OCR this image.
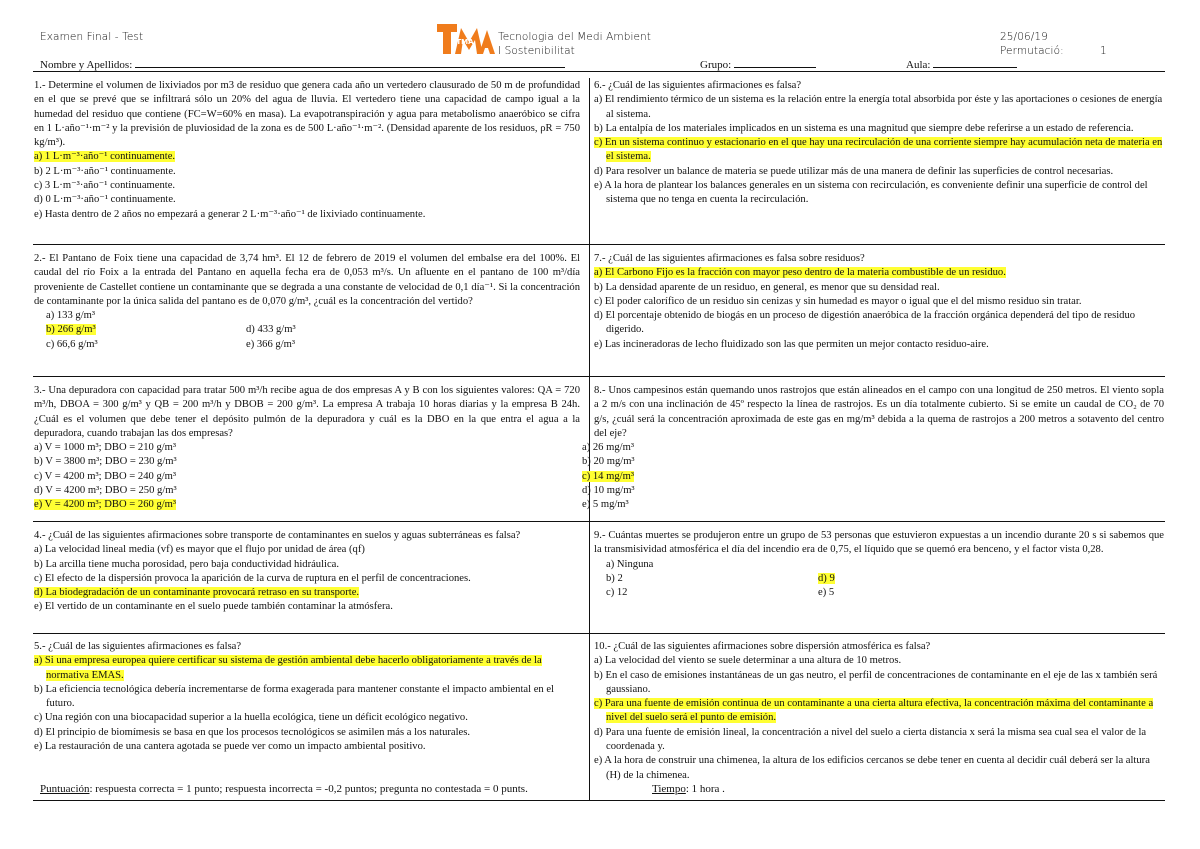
Examen Final - Test	TMA Tecnologia del Medi Ambient
I Sostenibilitat
25/06/19
Permutació:	1
Nombre y Apellidos:	Grupo:	Aula:
1.- Determine el volumen de lixiviados por m3 de residuo que genera cada año un vertedero clausurado de 50 m de profundidad en el que se prevé que se infiltrará sólo un 20% del agua de lluvia. El vertedero tiene una capacidad de campo igual a la humedad del residuo que contiene (FC=W=60% en masa). La evapotranspiración y agua para metabolismo anaeróbico se cifra en 1 L·año⁻¹·m⁻² y la previsión de pluviosidad de la zona es de 500 L·año⁻¹·m⁻². (Densidad aparente de los residuos, ρR = 750 kg/m³).
a) 1 L·m⁻³·año⁻¹ continuamente.
b) 2 L·m⁻³·año⁻¹ continuamente.
c) 3 L·m⁻³·año⁻¹ continuamente.
d) 0 L·m⁻³·año⁻¹ continuamente.
e) Hasta dentro de 2 años no empezará a generar 2 L·m⁻³·año⁻¹ de lixiviado continuamente.
2.- El Pantano de Foix tiene una capacidad de 3,74 hm³. El 12 de febrero de 2019 el volumen del embalse era del 100%. El caudal del río Foix a la entrada del Pantano en aquella fecha era de 0,053 m³/s. Un afluente en el pantano de 100 m³/día proveniente de Castellet contiene un contaminante que se degrada a una constante de velocidad de 0,1 día⁻¹. Si la concentración de contaminante por la única salida del pantano es de 0,070 g/m³, ¿cuál es la concentración del vertido?
a) 133 g/m³
b) 266 g/m³	d) 433 g/m³
c) 66,6 g/m³	e) 366 g/m³
3.- Una depuradora con capacidad para tratar 500 m³/h recibe agua de dos empresas A y B con los siguientes valores: QA = 720 m³/h, DBOA = 300 g/m³ y QB = 200 m³/h y DBOB = 200 g/m³. La empresa A trabaja 10 horas diarias y la empresa B 24h. ¿Cuál es el volumen que debe tener el depósito pulmón de la depuradora y cuál es la DBO en la que entra el agua a la depuradora, cuando trabajan las dos empresas?
a) V = 1000 m³; DBO = 210 g/m³
b) V = 3800 m³; DBO = 230 g/m³
c) V = 4200 m³; DBO = 240 g/m³
d) V = 4200 m³; DBO = 250 g/m³
e) V = 4200 m³; DBO = 260 g/m³
4.- ¿Cuál de las siguientes afirmaciones sobre transporte de contaminantes en suelos y aguas subterráneas es falsa?
a) La velocidad lineal media (vf) es mayor que el flujo por unidad de área (qf)
b) La arcilla tiene mucha porosidad, pero baja conductividad hidráulica.
c) El efecto de la dispersión provoca la aparición de la curva de ruptura en el perfil de concentraciones.
d) La biodegradación de un contaminante provocará retraso en su transporte.
e) El vertido de un contaminante en el suelo puede también contaminar la atmósfera.
5.- ¿Cuál de las siguientes afirmaciones es falsa?
a) Si una empresa europea quiere certificar su sistema de gestión ambiental debe hacerlo obligatoriamente a través de la normativa EMAS.
b) La eficiencia tecnológica debería incrementarse de forma exagerada para mantener constante el impacto ambiental en el futuro.
c) Una región con una biocapacidad superior a la huella ecológica, tiene un déficit ecológico negativo.
d) El principio de biomímesis se basa en que los procesos tecnológicos se asimilen más a los naturales.
e) La restauración de una cantera agotada se puede ver como un impacto ambiental positivo.
6.- ¿Cuál de las siguientes afirmaciones es falsa?
a) El rendimiento térmico de un sistema es la relación entre la energía total absorbida por éste y las aportaciones o cesiones de energía al sistema.
b) La entalpía de los materiales implicados en un sistema es una magnitud que siempre debe referirse a un estado de referencia.
c) En un sistema continuo y estacionario en el que hay una recirculación de una corriente siempre hay acumulación neta de materia en el sistema.
d) Para resolver un balance de materia se puede utilizar más de una manera de definir las superficies de control necesarias.
e) A la hora de plantear los balances generales en un sistema con recirculación, es conveniente definir una superficie de control del sistema que no tenga en cuenta la recirculación.
7.- ¿Cuál de las siguientes afirmaciones es falsa sobre residuos?
a) El Carbono Fijo es la fracción con mayor peso dentro de la materia combustible de un residuo.
b) La densidad aparente de un residuo, en general, es menor que su densidad real.
c) El poder calorífico de un residuo sin cenizas y sin humedad es mayor o igual que el del mismo residuo sin tratar.
d) El porcentaje obtenido de biogás en un proceso de digestión anaeróbica de la fracción orgánica dependerá del tipo de residuo digerido.
e) Las incineradoras de lecho fluidizado son las que permiten un mejor contacto residuo-aire.
8.- Unos campesinos están quemando unos rastrojos que están alineados en el campo con una longitud de 250 metros. El viento sopla a 2 m/s con una inclinación de 45º respecto la línea de rastrojos. Es un día totalmente cubierto. Si se emite un caudal de CO₂ de 70 g/s, ¿cuál será la concentración aproximada de este gas en mg/m³ debida a la quema de rastrojos a 200 metros a sotavento del centro del eje?
a) 26 mg/m³
b) 20 mg/m³
c) 14 mg/m³
d) 10 mg/m³
e) 5 mg/m³
9.- Cuántas muertes se produjeron entre un grupo de 53 personas que estuvieron expuestas a un incendio durante 20 s si sabemos que la transmisividad atmosférica el día del incendio era de 0,75, el líquido que se quemó era benceno, y el factor vista 0,28.
a) Ninguna
b) 2	d) 9
c) 12	e) 5
10.- ¿Cuál de las siguientes afirmaciones sobre dispersión atmosférica es falsa?
a) La velocidad del viento se suele determinar a una altura de 10 metros.
b) En el caso de emisiones instantáneas de un gas neutro, el perfil de concentraciones de contaminante en el eje de las x también será gaussiano.
c) Para una fuente de emisión continua de un contaminante a una cierta altura efectiva, la concentración máxima del contaminante a nivel del suelo será el punto de emisión.
d) Para una fuente de emisión lineal, la concentración a nivel del suelo a cierta distancia x será la misma sea cual sea el valor de la coordenada y.
e) A la hora de construir una chimenea, la altura de los edificios cercanos se debe tener en cuenta al decidir cuál deberá ser la altura (H) de la chimenea.
Puntuación: respuesta correcta = 1 punto; respuesta incorrecta = -0,2 puntos; pregunta no contestada = 0 punts.	Tiempo: 1 hora .
